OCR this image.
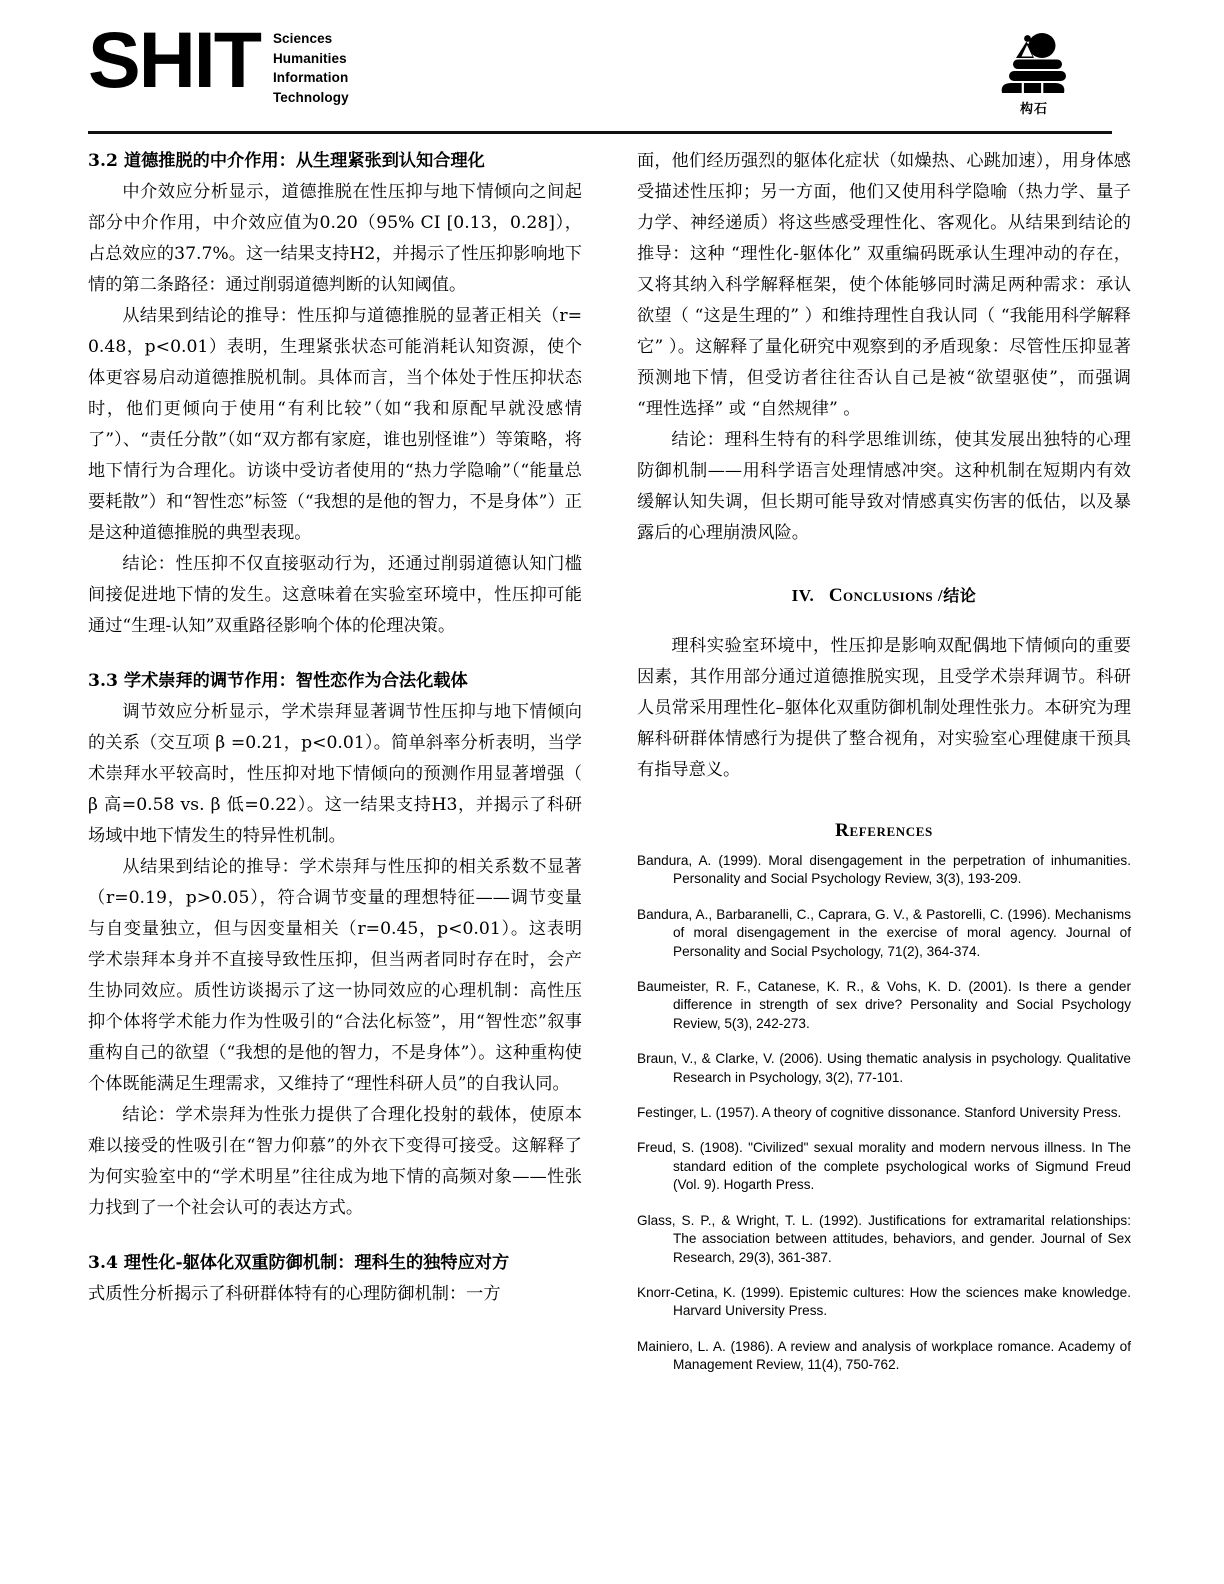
SHIT Sciences
Humanities
Information
Technology
构石
3.2 道德推脱的中介作用：从生理紧张到认知合理化

中介效应分析显示，道德推脱在性压抑与地下情倾向之间起部分中介作用，中介效应值为0.20（95% CI [0.13，0.28]），占总效应的37.7%。这一结果支持H2，并揭示了性压抑影响地下情的第二条路径：通过削弱道德判断的认知阈值。

从结果到结论的推导：性压抑与道德推脱的显著正相关（r=0.48，p<0.01）表明，生理紧张状态可能消耗认知资源，使个体更容易启动道德推脱机制。具体而言，当个体处于性压抑状态时，他们更倾向于使用“有利比较”（如“我和原配早就没感情了”）、“责任分散”（如“双方都有家庭，谁也别怪谁”）等策略，将地下情行为合理化。访谈中受访者使用的“热力学隐喻”（“能量总要耗散”）和“智性恋”标签（“我想的是他的智力，不是身体”）正是这种道德推脱的典型表现。

结论：性压抑不仅直接驱动行为，还通过削弱道德认知门槛间接促进地下情的发生。这意味着在实验室环境中，性压抑可能通过“生理-认知”双重路径影响个体的伦理决策。

3.3 学术崇拜的调节作用：智性恋作为合法化载体

调节效应分析显示，学术崇拜显著调节性压抑与地下情倾向的关系（交互项 β =0.21，p<0.01）。简单斜率分析表明，当学术崇拜水平较高时，性压抑对地下情倾向的预测作用显著增强（ β 高=0.58 vs. β 低=0.22）。这一结果支持H3，并揭示了科研场域中地下情发生的特异性机制。

从结果到结论的推导：学术崇拜与性压抑的相关系数不显著（r=0.19，p>0.05），符合调节变量的理想特征——调节变量与自变量独立，但与因变量相关（r=0.45，p<0.01）。这表明学术崇拜本身并不直接导致性压抑，但当两者同时存在时，会产生协同效应。质性访谈揭示了这一协同效应的心理机制：高性压抑个体将学术能力作为性吸引的“合法化标签”，用“智性恋”叙事重构自己的欲望（“我想的是他的智力，不是身体”）。这种重构使个体既能满足生理需求，又维持了“理性科研人员”的自我认同。

结论：学术崇拜为性张力提供了合理化投射的载体，使原本难以接受的性吸引在“智力仰慕”的外衣下变得可接受。这解释了为何实验室中的“学术明星”往往成为地下情的高频对象——性张力找到了一个社会认可的表达方式。

3.4 理性化-躯体化双重防御机制：理科生的独特应对方

式质性分析揭示了科研群体特有的心理防御机制：一方

面，他们经历强烈的躯体化症状（如燥热、心跳加速），用身体感受描述性压抑；另一方面，他们又使用科学隐喻（热力学、量子力学、神经递质）将这些感受理性化、客观化。从结果到结论的推导：这种 “理性化-躯体化” 双重编码既承认生理冲动的存在，又将其纳入科学解释框架，使个体能够同时满足两种需求：承认欲望（ “这是生理的” ）和维持理性自我认同（ “我能用科学解释它” ）。这解释了量化研究中观察到的矛盾现象：尽管性压抑显著预测地下情，但受访者往往否认自己是被“欲望驱使”，而强调 “理性选择” 或 “自然规律” 。

结论：理科生特有的科学思维训练，使其发展出独特的心理防御机制——用科学语言处理情感冲突。这种机制在短期内有效缓解认知失调，但长期可能导致对情感真实伤害的低估，以及暴露后的心理崩溃风险。

IV. Conclusions /结论

理科实验室环境中，性压抑是影响双配偶地下情倾向的重要因素，其作用部分通过道德推脱实现，且受学术崇拜调节。科研人员常采用理性化–躯体化双重防御机制处理性张力。本研究为理解科研群体情感行为提供了整合视角，对实验室心理健康干预具有指导意义。

References
Bandura, A. (1999). Moral disengagement in the perpetration of inhumanities. Personality and Social Psychology Review, 3(3), 193-209.
Bandura, A., Barbaranelli, C., Caprara, G. V., & Pastorelli, C. (1996). Mechanisms of moral disengagement in the exercise of moral agency. Journal of Personality and Social Psychology, 71(2), 364-374.
Baumeister, R. F., Catanese, K. R., & Vohs, K. D. (2001). Is there a gender difference in strength of sex drive? Personality and Social Psychology Review, 5(3), 242-273.
Braun, V., & Clarke, V. (2006). Using thematic analysis in psychology. Qualitative Research in Psychology, 3(2), 77-101.
Festinger, L. (1957). A theory of cognitive dissonance. Stanford University Press.
Freud, S. (1908). "Civilized" sexual morality and modern nervous illness. In The standard edition of the complete psychological works of Sigmund Freud (Vol. 9). Hogarth Press.
Glass, S. P., & Wright, T. L. (1992). Justifications for extramarital relationships: The association between attitudes, behaviors, and gender. Journal of Sex Research, 29(3), 361-387.
Knorr-Cetina, K. (1999). Epistemic cultures: How the sciences make knowledge. Harvard University Press.
Mainiero, L. A. (1986). A review and analysis of workplace romance. Academy of Management Review, 11(4), 750-762.
